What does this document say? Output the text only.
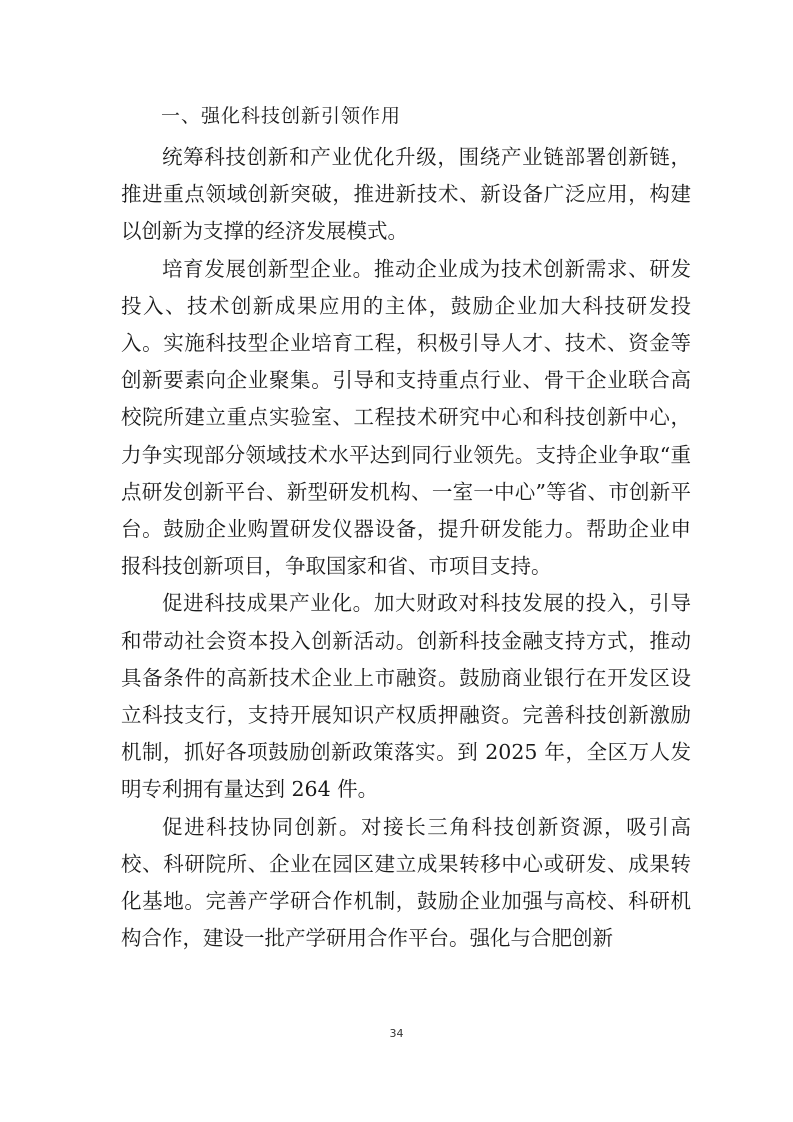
一、强化科技创新引领作用

统筹科技创新和产业优化升级，围绕产业链部署创新链，推进重点领域创新突破，推进新技术、新设备广泛应用，构建以创新为支撑的经济发展模式。

培育发展创新型企业。推动企业成为技术创新需求、研发投入、技术创新成果应用的主体，鼓励企业加大科技研发投入。实施科技型企业培育工程，积极引导人才、技术、资金等创新要素向企业聚集。引导和支持重点行业、骨干企业联合高校院所建立重点实验室、工程技术研究中心和科技创新中心，力争实现部分领域技术水平达到同行业领先。支持企业争取“重点研发创新平台、新型研发机构、一室一中心”等省、市创新平台。鼓励企业购置研发仪器设备，提升研发能力。帮助企业申报科技创新项目，争取国家和省、市项目支持。

促进科技成果产业化。加大财政对科技发展的投入，引导和带动社会资本投入创新活动。创新科技金融支持方式，推动具备条件的高新技术企业上市融资。鼓励商业银行在开发区设立科技支行，支持开展知识产权质押融资。完善科技创新激励机制，抓好各项鼓励创新政策落实。到 2025 年，全区万人发明专利拥有量达到 264 件。

促进科技协同创新。对接长三角科技创新资源，吸引高校、科研院所、企业在园区建立成果转移中心或研发、成果转化基地。完善产学研合作机制，鼓励企业加强与高校、科研机构合作，建设一批产学研用合作平台。强化与合肥创新

34
